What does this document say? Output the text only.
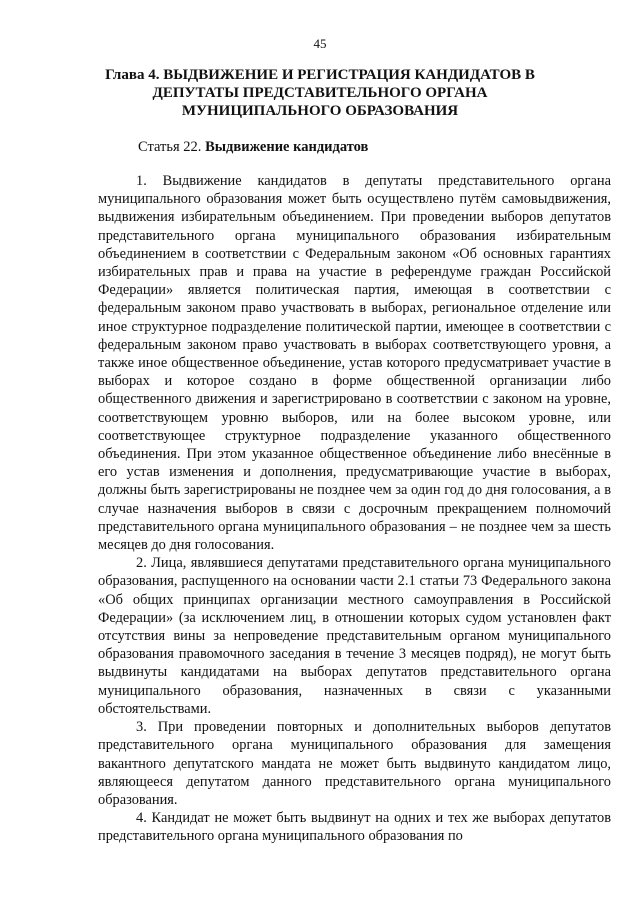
45
Глава 4. ВЫДВИЖЕНИЕ И РЕГИСТРАЦИЯ КАНДИДАТОВ В ДЕПУТАТЫ ПРЕДСТАВИТЕЛЬНОГО ОРГАНА МУНИЦИПАЛЬНОГО ОБРАЗОВАНИЯ
Статья 22. Выдвижение кандидатов

1. Выдвижение кандидатов в депутаты представительного органа муниципального образования может быть осуществлено путём самовыдвижения, выдвижения избирательным объединением. При проведении выборов депутатов представительного органа муниципального образования избирательным объединением в соответствии с Федеральным законом «Об основных гарантиях избирательных прав и права на участие в референдуме граждан Российской Федерации» является политическая партия, имеющая в соответствии с федеральным законом право участвовать в выборах, региональное отделение или иное структурное подразделение политической партии, имеющее в соответствии с федеральным законом право участвовать в выборах соответствующего уровня, а также иное общественное объединение, устав которого предусматривает участие в выборах и которое создано в форме общественной организации либо общественного движения и зарегистрировано в соответствии с законом на уровне, соответствующем уровню выборов, или на более высоком уровне, или соответствующее структурное подразделение указанного общественного объединения. При этом указанное общественное объединение либо внесённые в его устав изменения и дополнения, предусматривающие участие в выборах, должны быть зарегистрированы не позднее чем за один год до дня голосования, а в случае назначения выборов в связи с досрочным прекращением полномочий представительного органа муниципального образования – не позднее чем за шесть месяцев до дня голосования.

2. Лица, являвшиеся депутатами представительного органа муниципального образования, распущенного на основании части 2.1 статьи 73 Федерального закона «Об общих принципах организации местного самоуправления в Российской Федерации» (за исключением лиц, в отношении которых судом установлен факт отсутствия вины за непроведение представительным органом муниципального образования правомочного заседания в течение 3 месяцев подряд), не могут быть выдвинуты кандидатами на выборах депутатов представительного органа муниципального образования, назначенных в связи с указанными обстоятельствами.

3. При проведении повторных и дополнительных выборов депутатов представительного органа муниципального образования для замещения вакантного депутатского мандата не может быть выдвинуто кандидатом лицо, являющееся депутатом данного представительного органа муниципального образования.

4. Кандидат не может быть выдвинут на одних и тех же выборах депутатов представительного органа муниципального образования по
